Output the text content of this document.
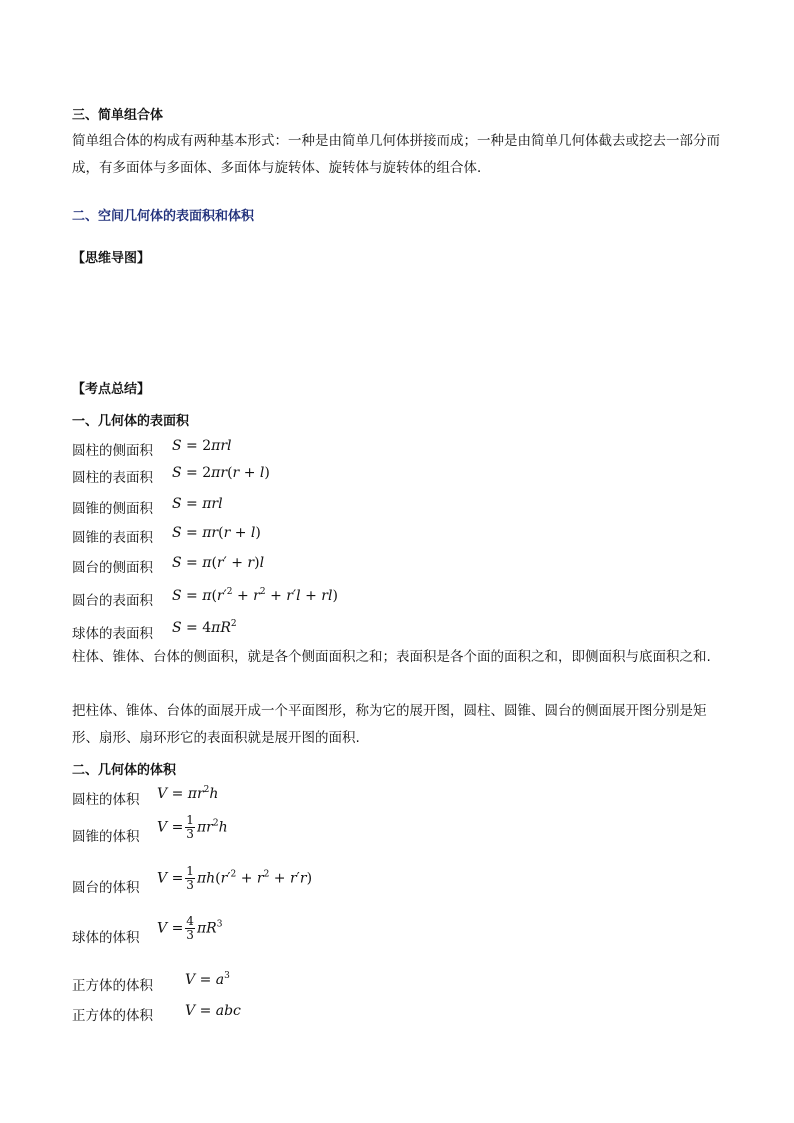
三、简单组合体
简单组合体的构成有两种基本形式：一种是由简单几何体拼接而成；一种是由简单几何体截去或挖去一部分而成，有多面体与多面体、多面体与旋转体、旋转体与旋转体的组合体．
二、空间几何体的表面积和体积
【思维导图】
【考点总结】
一、几何体的表面积
圆柱的侧面积 S = 2πrl
圆柱的表面积 S = 2πr(r + l)
圆锥的侧面积 S = πrl
圆锥的表面积 S = πr(r + l)
圆台的侧面积 S = π(r′ + r)l
圆台的表面积 $S = \pi(r'^2 + r^2 + r'l + rl)$
球体的表面积 $S = 4\pi R^2$
柱体、锥体、台体的侧面积，就是各个侧面面积之和；表面积是各个面的面积之和，即侧面积与底面积之和.
把柱体、锥体、台体的面展开成一个平面图形，称为它的展开图，圆柱、圆锥、圆台的侧面展开图分别是矩形、扇形、扇环形它的表面积就是展开图的面积.
二、几何体的体积
圆柱的体积 $V = \pi r^2h$
圆锥的体积
$V = \frac{1}{3} \pi r^2h$
圆台的体积
$V = \frac{1}{3} \pi h(r'^2 + r^2 + r'r)$
球体的体积
$V = \frac{4}{3} \pi R^3$
正方体的体积 $V = a^3$
正方体的体积 V = abc
